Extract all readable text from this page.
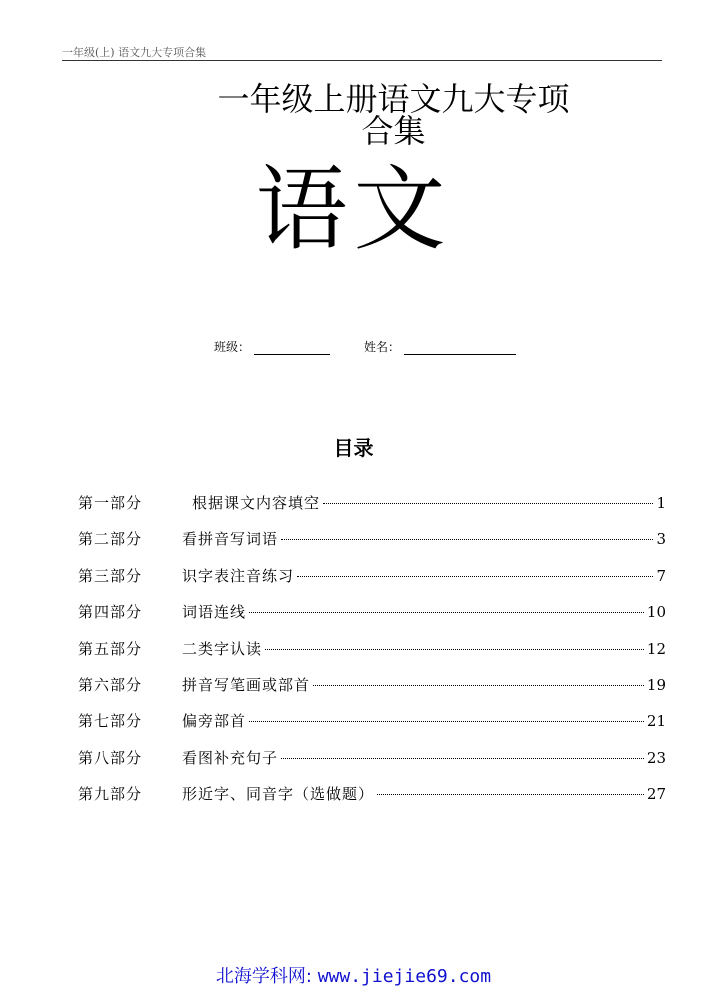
一年级(上) 语文九大专项合集
一年级上册语文九大专项
合集
语文
班级：	姓名：
目录
第一部分	根据课文内容填空	1
第二部分	看拼音写词语	3
第三部分	识字表注音练习	7
第四部分	词语连线	10
第五部分	二类字认读	12
第六部分	拼音写笔画或部首	19
第七部分	偏旁部首	21
第八部分	看图补充句子	23
第九部分	形近字、同音字（选做题）	27
北海学科网: www.jiejie69.com
